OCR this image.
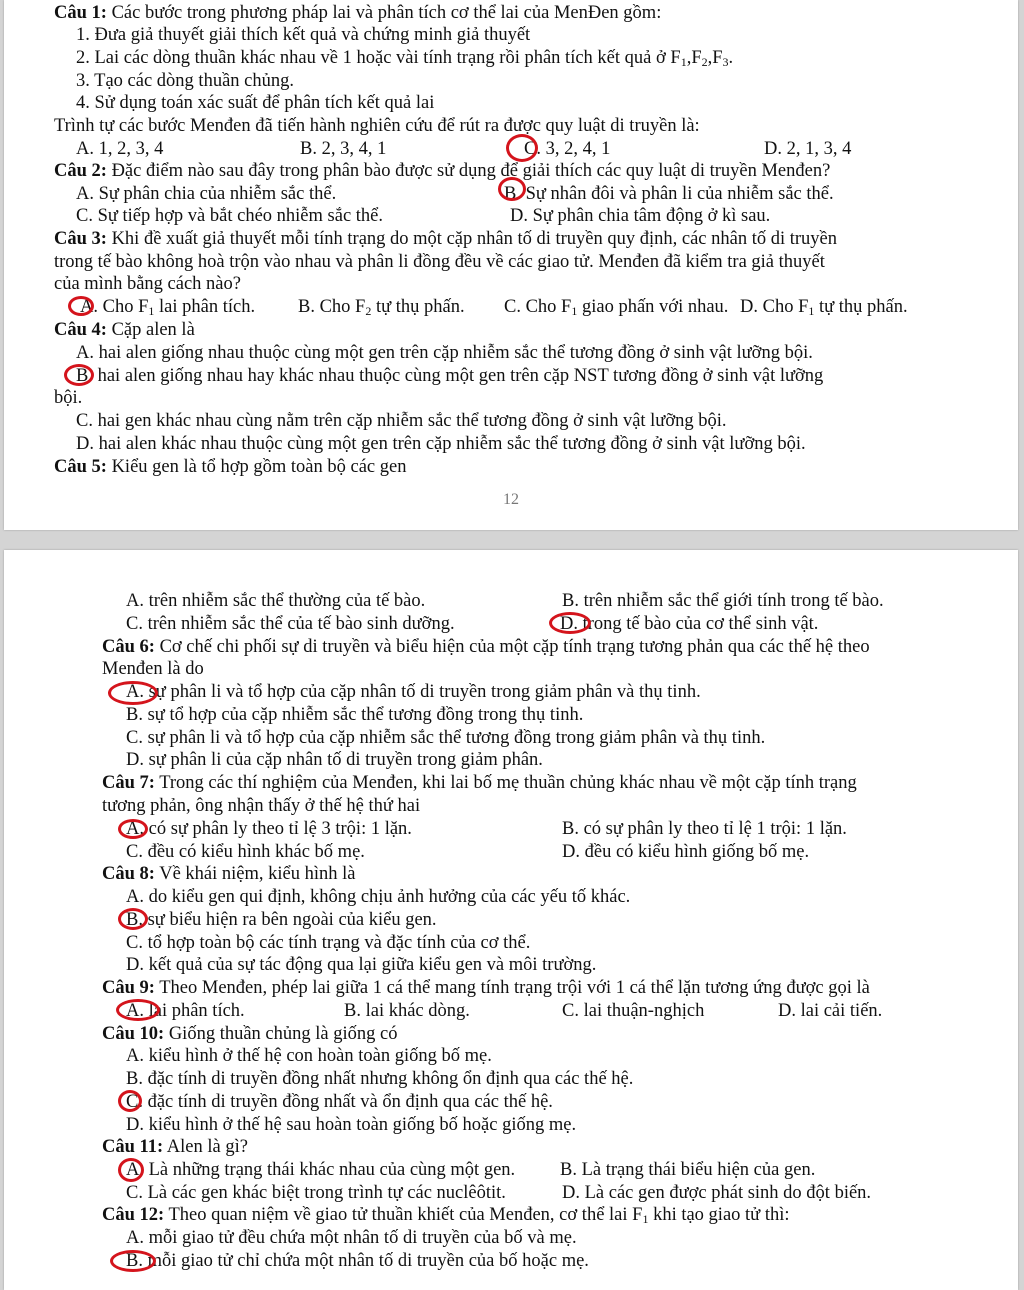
Câu 1: Các bước trong phương pháp lai và phân tích cơ thể lai của MenĐen gồm:
1. Đưa giả thuyết giải thích kết quả và chứng minh giả thuyết
2. Lai các dòng thuần khác nhau về 1 hoặc vài tính trạng rồi phân tích kết quả ở $F_1,F_2,F_3$.
3. Tạo các dòng thuần chủng.
4. Sử dụng toán xác suất để phân tích kết quả lai
Trình tự các bước Menđen đã tiến hành nghiên cứu để rút ra được quy luật di truyền là:
A. 1, 2, 3, 4	B. 2, 3, 4, 1	C. 3, 2, 4, 1	D. 2, 1, 3, 4
Câu 2: Đặc điểm nào sau đây trong phân bào được sử dụng để giải thích các quy luật di truyền Menđen?
A. Sự phân chia của nhiễm sắc thể.	B. Sự nhân đôi và phân li của nhiễm sắc thể.
C. Sự tiếp hợp và bắt chéo nhiễm sắc thể.	D. Sự phân chia tâm động ở kì sau.
Câu 3: Khi đề xuất giả thuyết mỗi tính trạng do một cặp nhân tố di truyền quy định, các nhân tố di truyền
trong tế bào không hoà trộn vào nhau và phân li đồng đều về các giao tử. Menđen đã kiểm tra giả thuyết
của mình bằng cách nào?
A. Cho $F_1$ lai phân tích. B. Cho $F_2$ tự thụ phấn. C. Cho $F_1$ giao phấn với nhau. D. Cho $F_1$ tự thụ phấn.
Câu 4: Cặp alen là
A. hai alen giống nhau thuộc cùng một gen trên cặp nhiễm sắc thể tương đồng ở sinh vật lưỡng bội.
B. hai alen giống nhau hay khác nhau thuộc cùng một gen trên cặp NST tương đồng ở sinh vật lưỡng
bội.
C. hai gen khác nhau cùng nằm trên cặp nhiễm sắc thể tương đồng ở sinh vật lưỡng bội.
D. hai alen khác nhau thuộc cùng một gen trên cặp nhiễm sắc thể tương đồng ở sinh vật lưỡng bội.
Câu 5: Kiểu gen là tổ hợp gồm toàn bộ các gen
12
A. trên nhiễm sắc thể thường của tế bào.	B. trên nhiễm sắc thể giới tính trong tế bào.
C. trên nhiễm sắc thể của tế bào sinh dưỡng.	D. trong tế bào của cơ thể sinh vật.
Câu 6: Cơ chế chi phối sự di truyền và biểu hiện của một cặp tính trạng tương phản qua các thế hệ theo
Menđen là do
A. sự phân li và tổ hợp của cặp nhân tố di truyền trong giảm phân và thụ tinh.
B. sự tổ hợp của cặp nhiễm sắc thể tương đồng trong thụ tinh.
C. sự phân li và tổ hợp của cặp nhiễm sắc thể tương đồng trong giảm phân và thụ tinh.
D. sự phân li của cặp nhân tố di truyền trong giảm phân.
Câu 7: Trong các thí nghiệm của Menđen, khi lai bố mẹ thuần chủng khác nhau về một cặp tính trạng
tương phản, ông nhận thấy ở thế hệ thứ hai
A. có sự phân ly theo tỉ lệ 3 trội: 1 lặn.	B. có sự phân ly theo tỉ lệ 1 trội: 1 lặn.
C. đều có kiểu hình khác bố mẹ.	D. đều có kiểu hình giống bố mẹ.
Câu 8: Về khái niệm, kiểu hình là
A. do kiểu gen qui định, không chịu ảnh hưởng của các yếu tố khác.
B. sự biểu hiện ra bên ngoài của kiểu gen.
C. tổ hợp toàn bộ các tính trạng và đặc tính của cơ thể.
D. kết quả của sự tác động qua lại giữa kiểu gen và môi trường.
Câu 9: Theo Menđen, phép lai giữa 1 cá thể mang tính trạng trội với 1 cá thể lặn tương ứng được gọi là
A. lai phân tích.	B. lai khác dòng.	C. lai thuận-nghịch	D. lai cải tiến.
Câu 10: Giống thuần chủng là giống có
A. kiểu hình ở thế hệ con hoàn toàn giống bố mẹ.
B. đặc tính di truyền đồng nhất nhưng không ổn định qua các thế hệ.
C. đặc tính di truyền đồng nhất và ổn định qua các thế hệ.
D. kiểu hình ở thế hệ sau hoàn toàn giống bố hoặc giống mẹ.
Câu 11: Alen là gì?
A. Là những trạng thái khác nhau của cùng một gen. B. Là trạng thái biểu hiện của gen.
C. Là các gen khác biệt trong trình tự các nuclêôtit.	D. Là các gen được phát sinh do đột biến.
Câu 12: Theo quan niệm về giao tử thuần khiết của Menđen, cơ thể lai $F_1$ khi tạo giao tử thì:
A. mỗi giao tử đều chứa một nhân tố di truyền của bố và mẹ.
B. mỗi giao tử chỉ chứa một nhân tố di truyền của bố hoặc mẹ.
